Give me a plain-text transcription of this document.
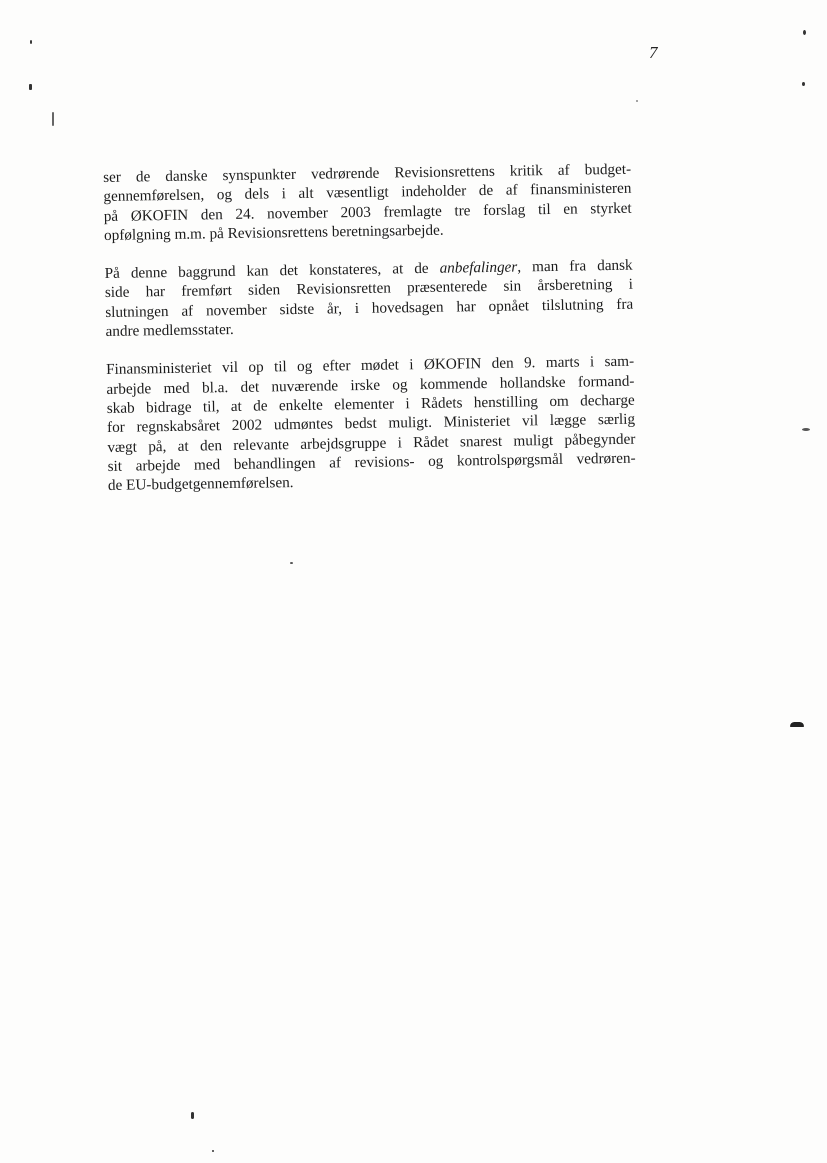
7

ser de danske synspunkter vedrørende Revisionsrettens kritik af budget-
gennemførelsen, og dels i alt væsentligt indeholder de af finansministeren
på ØKOFIN den 24. november 2003 fremlagte tre forslag til en styrket
opfølgning m.m. på Revisionsrettens beretningsarbejde.

På denne baggrund kan det konstateres, at de anbefalinger, man fra dansk
side har fremført siden Revisionsretten præsenterede sin årsberetning i
slutningen af november sidste år, i hovedsagen har opnået tilslutning fra
andre medlemsstater.

Finansministeriet vil op til og efter mødet i ØKOFIN den 9. marts i sam-
arbejde med bl.a. det nuværende irske og kommende hollandske formand-
skab bidrage til, at de enkelte elementer i Rådets henstilling om decharge
for regnskabsåret 2002 udmøntes bedst muligt. Ministeriet vil lægge særlig
vægt på, at den relevante arbejdsgruppe i Rådet snarest muligt påbegynder
sit arbejde med behandlingen af revisions- og kontrolspørgsmål vedrøren-
de EU-budgetgennemførelsen.
